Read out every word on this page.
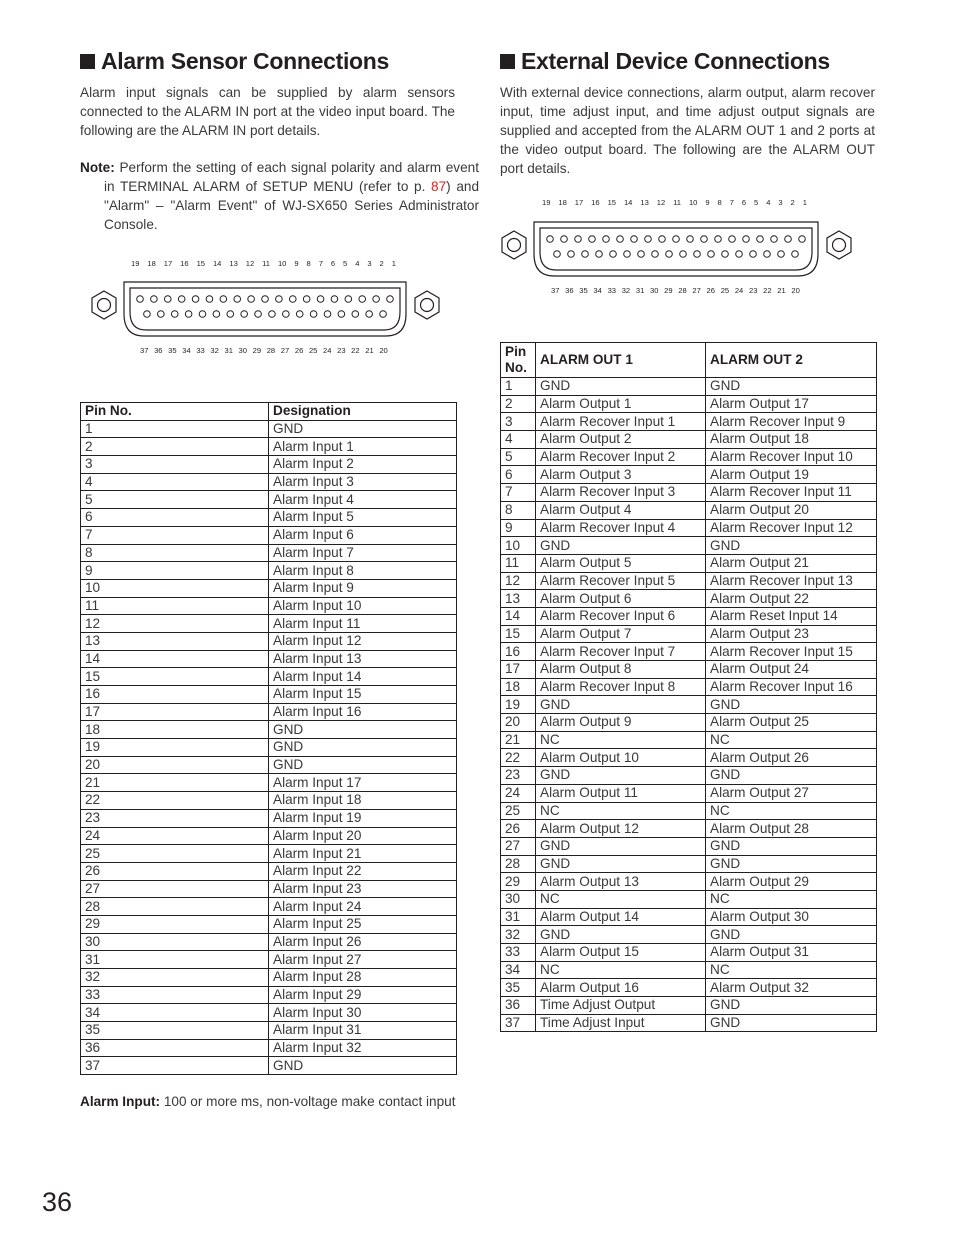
Alarm Sensor Connections

Alarm input signals can be supplied by alarm sensors connected to the ALARM IN port at the video input board. The following are the ALARM IN port details.

Note: Perform the setting of each signal polarity and alarm event in TERMINAL ALARM of SETUP MENU (refer to p. 87) and "Alarm" – "Alarm Event" of WJ-SX650 Series Administrator Console.

19 18 17 16 15 14 13 12 11 10 9 8 7 6 5 4 3 2 1
37 36 35 34 33 32 31 30 29 28 27 26 25 24 23 22 21 20
Pin No.	Designation
1	GND
2	Alarm Input 1
3	Alarm Input 2
4	Alarm Input 3
5	Alarm Input 4
6	Alarm Input 5
7	Alarm Input 6
8	Alarm Input 7
9	Alarm Input 8
10	Alarm Input 9
11	Alarm Input 10
12	Alarm Input 11
13	Alarm Input 12
14	Alarm Input 13
15	Alarm Input 14
16	Alarm Input 15
17	Alarm Input 16
18	GND
19	GND
20	GND
21	Alarm Input 17
22	Alarm Input 18
23	Alarm Input 19
24	Alarm Input 20
25	Alarm Input 21
26	Alarm Input 22
27	Alarm Input 23
28	Alarm Input 24
29	Alarm Input 25
30	Alarm Input 26
31	Alarm Input 27
32	Alarm Input 28
33	Alarm Input 29
34	Alarm Input 30
35	Alarm Input 31
36	Alarm Input 32
37	GND

Alarm Input: 100 or more ms, non-voltage make contact input

External Device Connections

With external device connections, alarm output, alarm recover input, time adjust input, and time adjust output signals are supplied and accepted from the ALARM OUT 1 and 2 ports at the video output board. The following are the ALARM OUT port details.

19 18 17 16 15 14 13 12 11 10 9 8 7 6 5 4 3 2 1
37 36 35 34 33 32 31 30 29 28 27 26 25 24 23 22 21 20
Pin No.	ALARM OUT 1	ALARM OUT 2
1	GND	GND
2	Alarm Output 1	Alarm Output 17
3	Alarm Recover Input 1	Alarm Recover Input 9
4	Alarm Output 2	Alarm Output 18
5	Alarm Recover Input 2	Alarm Recover Input 10
6	Alarm Output 3	Alarm Output 19
7	Alarm Recover Input 3	Alarm Recover Input 11
8	Alarm Output 4	Alarm Output 20
9	Alarm Recover Input 4	Alarm Recover Input 12
10	GND	GND
11	Alarm Output 5	Alarm Output 21
12	Alarm Recover Input 5	Alarm Recover Input 13
13	Alarm Output 6	Alarm Output 22
14	Alarm Recover Input 6	Alarm Reset Input 14
15	Alarm Output 7	Alarm Output 23
16	Alarm Recover Input 7	Alarm Recover Input 15
17	Alarm Output 8	Alarm Output 24
18	Alarm Recover Input 8	Alarm Recover Input 16
19	GND	GND
20	Alarm Output 9	Alarm Output 25
21	NC	NC
22	Alarm Output 10	Alarm Output 26
23	GND	GND
24	Alarm Output 11	Alarm Output 27
25	NC	NC
26	Alarm Output 12	Alarm Output 28
27	GND	GND
28	GND	GND
29	Alarm Output 13	Alarm Output 29
30	NC	NC
31	Alarm Output 14	Alarm Output 30
32	GND	GND
33	Alarm Output 15	Alarm Output 31
34	NC	NC
35	Alarm Output 16	Alarm Output 32
36	Time Adjust Output	GND
37	Time Adjust Input	GND

36
